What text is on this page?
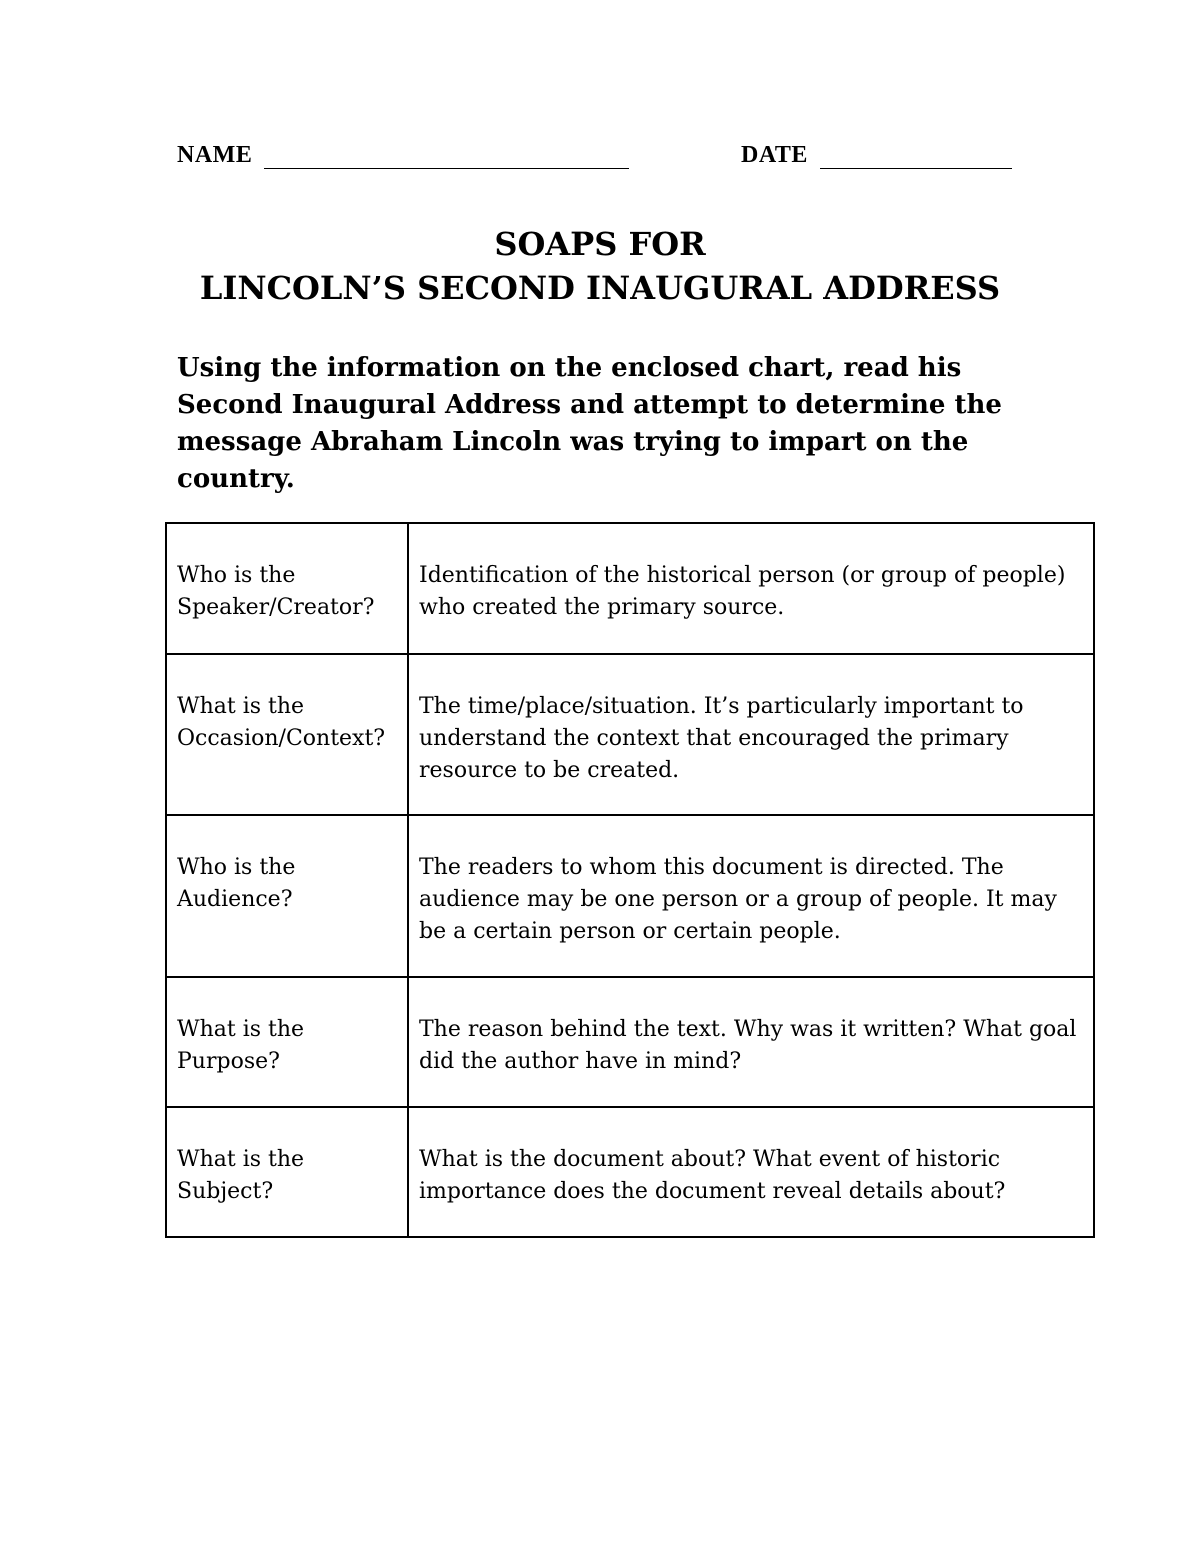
NAME	DATE
SOAPS FOR
LINCOLN’S SECOND INAUGURAL ADDRESS
Using the information on the enclosed chart, read his Second Inaugural Address and attempt to determine the message Abraham Lincoln was trying to impart on the country.
Who is the Speaker/Creator?	Identification of the historical person (or group of people) who created the primary source.
What is the Occasion/Context?	The time/place/situation. It’s particularly important to understand the context that encouraged the primary resource to be created.
Who is the Audience?	The readers to whom this document is directed. The audience may be one person or a group of people. It may be a certain person or certain people.
What is the Purpose?	The reason behind the text. Why was it written? What goal did the author have in mind?
What is the Subject?	What is the document about? What event of historic importance does the document reveal details about?
